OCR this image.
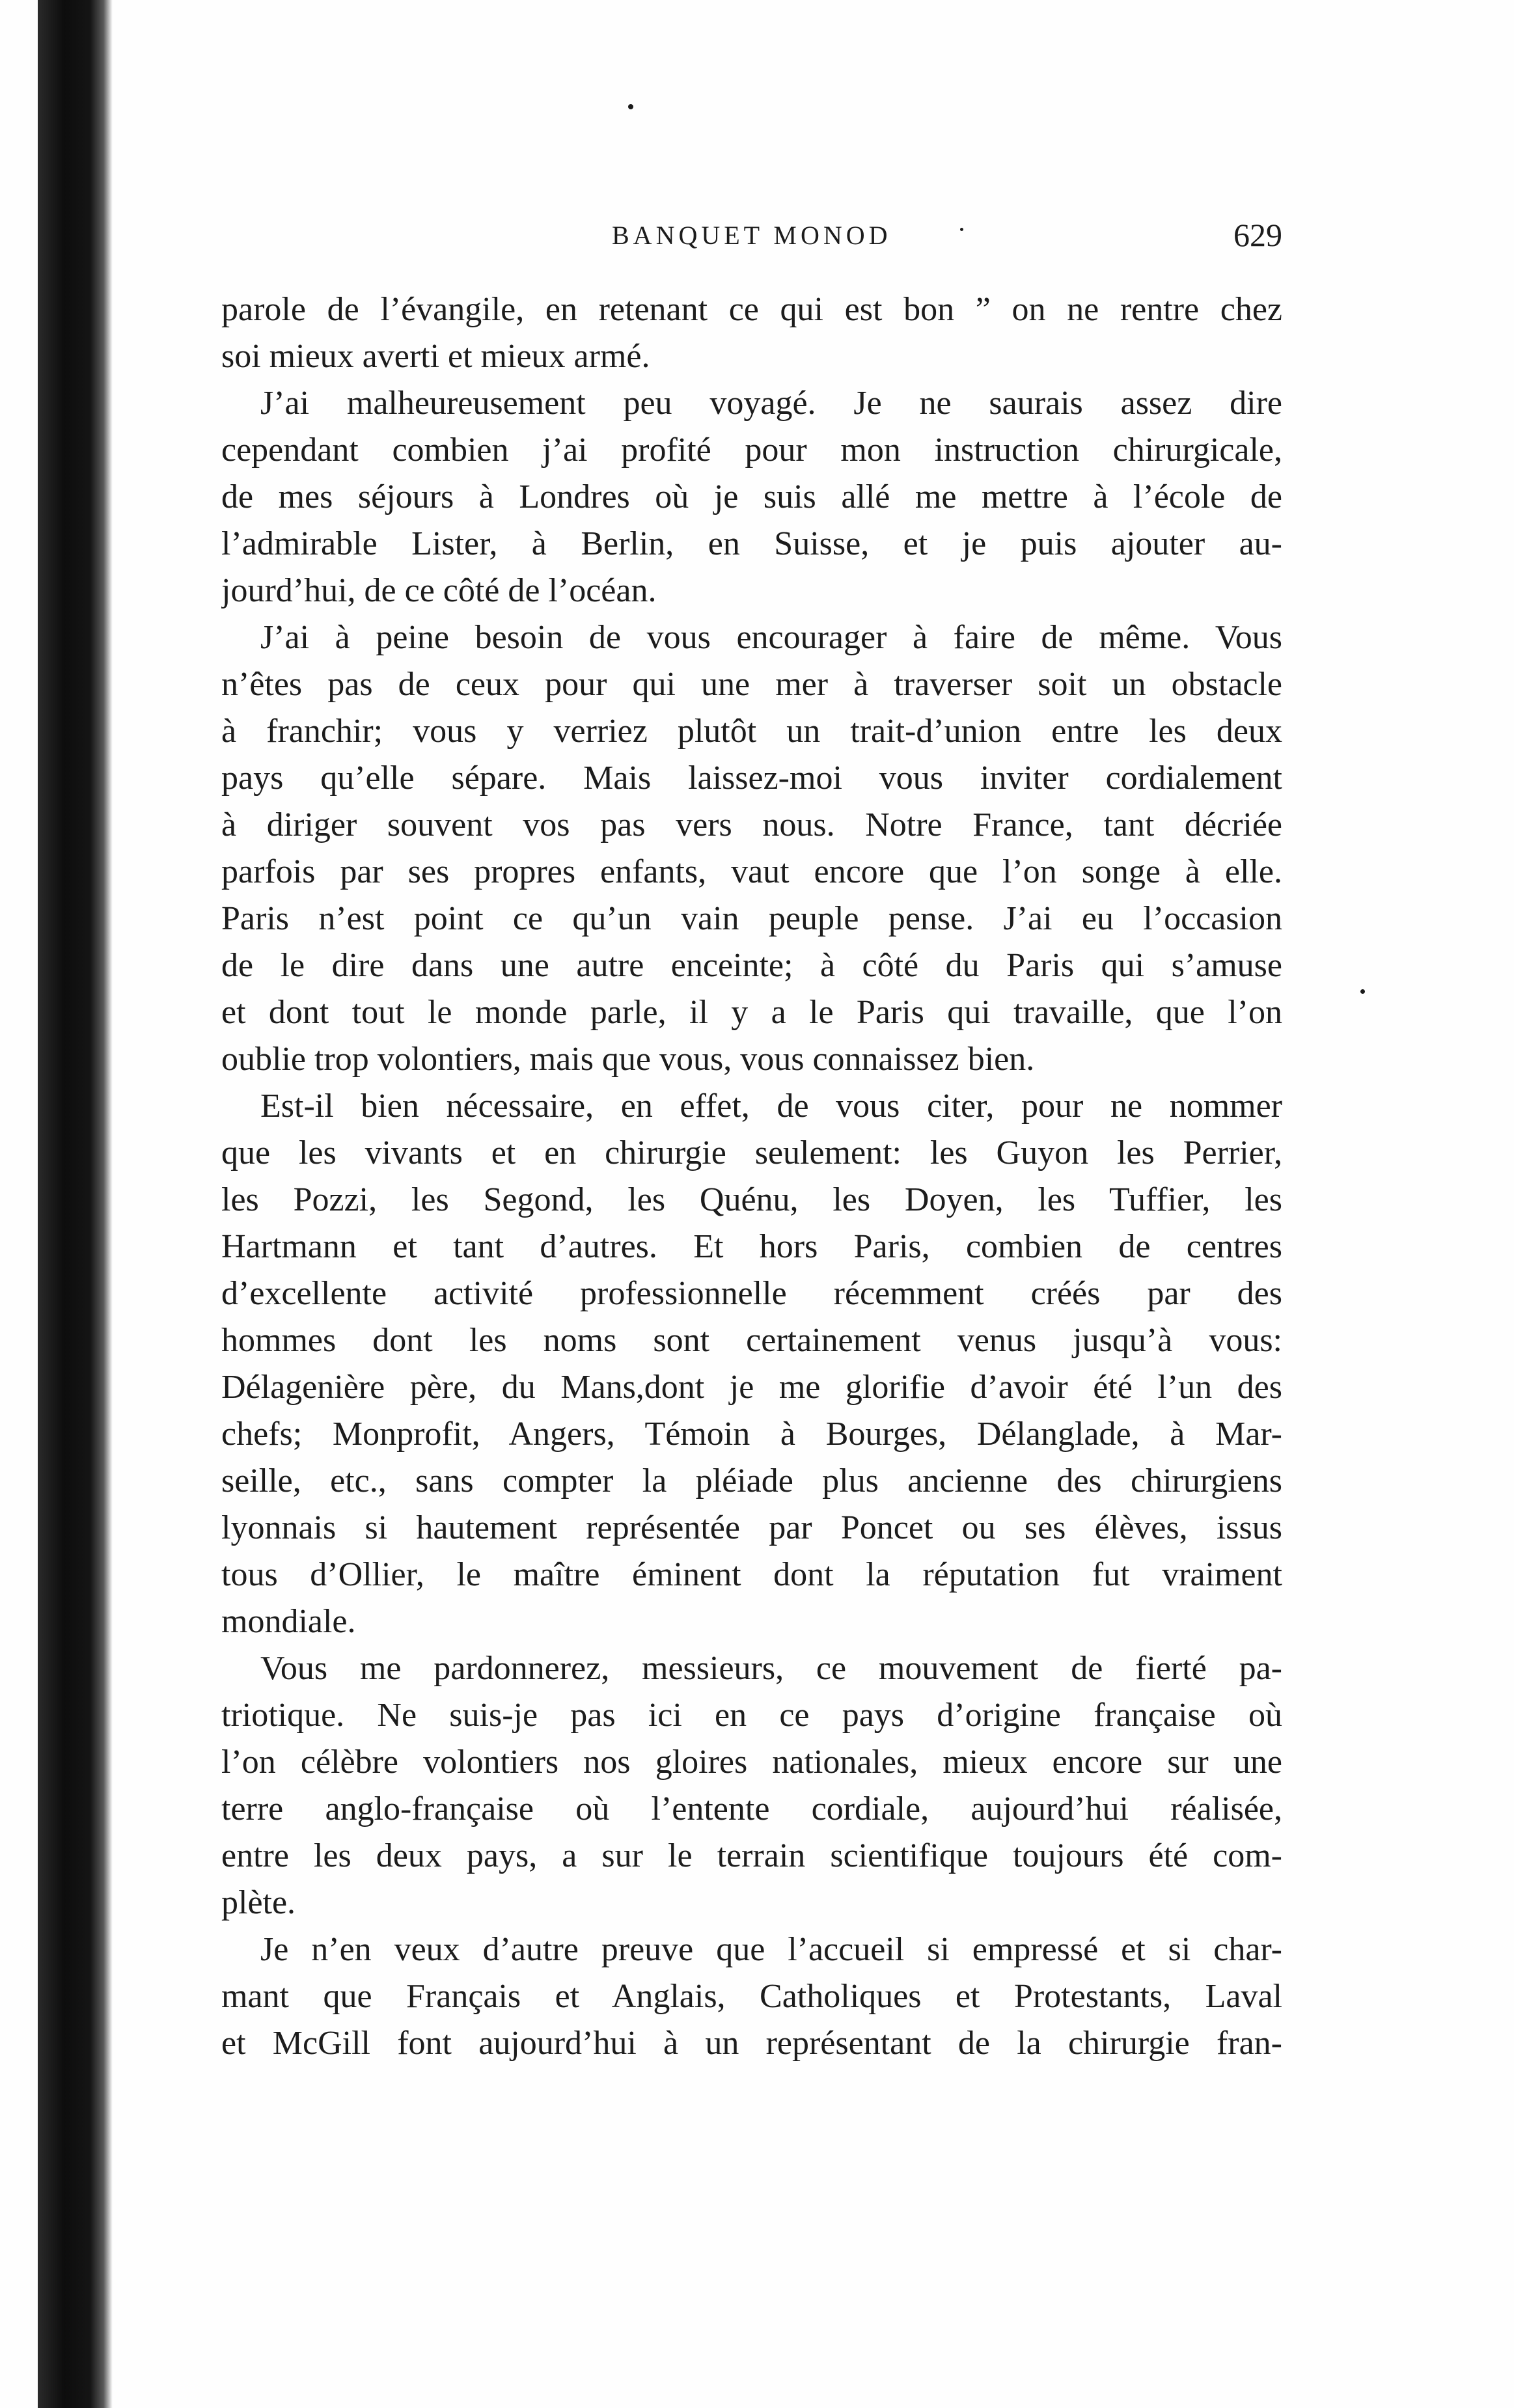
BANQUET MONOD	629
parole de l’évangile, en retenant ce qui est bon ” on ne rentre chez
soi mieux averti et mieux armé.
J’ai malheureusement peu voyagé. Je ne saurais assez dire
cependant combien j’ai profité pour mon instruction chirurgicale,
de mes séjours à Londres où je suis allé me mettre à l’école de
l’admirable Lister, à Berlin, en Suisse, et je puis ajouter au-
jourd’hui, de ce côté de l’océan.
J’ai à peine besoin de vous encourager à faire de même. Vous
n’êtes pas de ceux pour qui une mer à traverser soit un obstacle
à franchir; vous y verriez plutôt un trait-d’union entre les deux
pays qu’elle sépare. Mais laissez-moi vous inviter cordialement
à diriger souvent vos pas vers nous. Notre France, tant décriée
parfois par ses propres enfants, vaut encore que l’on songe à elle.
Paris n’est point ce qu’un vain peuple pense. J’ai eu l’occasion
de le dire dans une autre enceinte; à côté du Paris qui s’amuse
et dont tout le monde parle, il y a le Paris qui travaille, que l’on
oublie trop volontiers, mais que vous, vous connaissez bien.
Est-il bien nécessaire, en effet, de vous citer, pour ne nommer
que les vivants et en chirurgie seulement: les Guyon les Perrier,
les Pozzi, les Segond, les Quénu, les Doyen, les Tuffier, les
Hartmann et tant d’autres. Et hors Paris, combien de centres
d’excellente activité professionnelle récemment créés par des
hommes dont les noms sont certainement venus jusqu’à vous:
Délagenière père, du Mans,dont je me glorifie d’avoir été l’un des
chefs; Monprofit, Angers, Témoin à Bourges, Délanglade, à Mar-
seille, etc., sans compter la pléiade plus ancienne des chirurgiens
lyonnais si hautement représentée par Poncet ou ses élèves, issus
tous d’Ollier, le maître éminent dont la réputation fut vraiment
mondiale.
Vous me pardonnerez, messieurs, ce mouvement de fierté pa-
triotique. Ne suis-je pas ici en ce pays d’origine française où
l’on célèbre volontiers nos gloires nationales, mieux encore sur une
terre anglo-française où l’entente cordiale, aujourd’hui réalisée,
entre les deux pays, a sur le terrain scientifique toujours été com-
plète.
Je n’en veux d’autre preuve que l’accueil si empressé et si char-
mant que Français et Anglais, Catholiques et Protestants, Laval
et McGill font aujourd’hui à un représentant de la chirurgie fran-
